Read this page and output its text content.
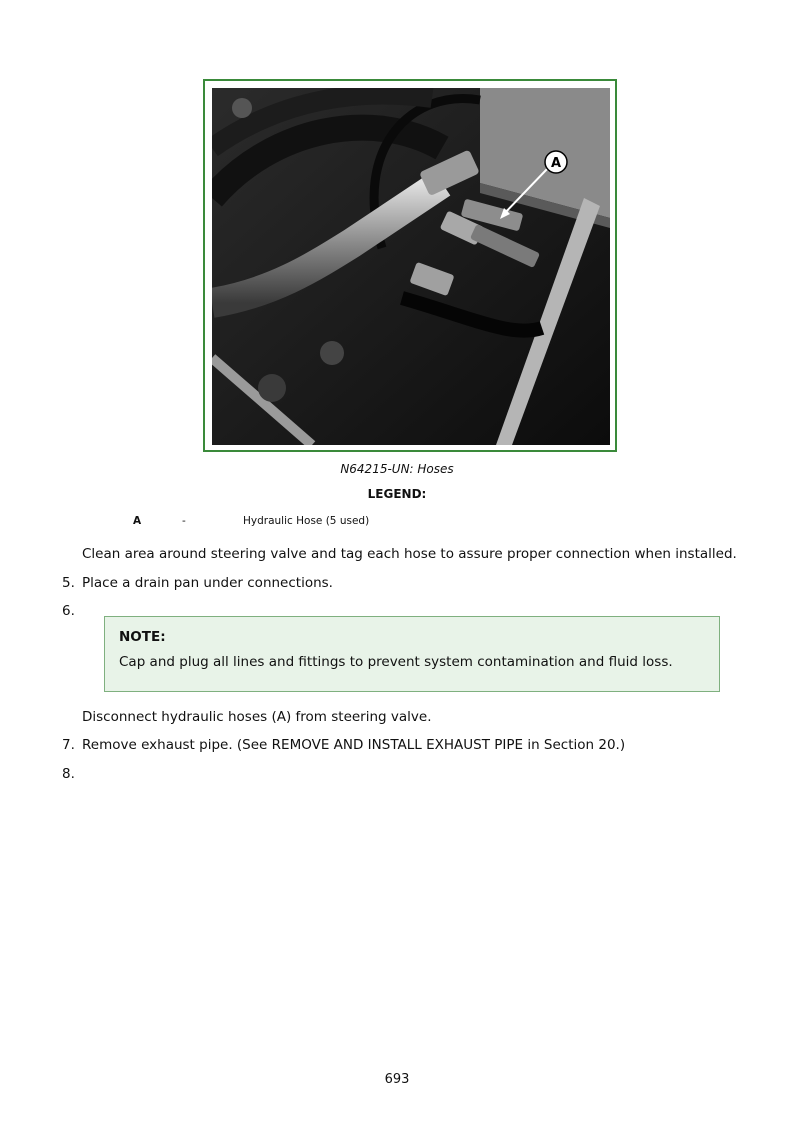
A
N64215-UN: Hoses
LEGEND:
A	-	Hydraulic Hose (5 used)
Clean area around steering valve and tag each hose to assure proper connection when installed.
5. Place a drain pan under connections.
6.
NOTE:
Cap and plug all lines and fittings to prevent system contamination and fluid loss.
Disconnect hydraulic hoses (A) from steering valve.
7. Remove exhaust pipe. (See REMOVE AND INSTALL EXHAUST PIPE in Section 20.)
8.
693
